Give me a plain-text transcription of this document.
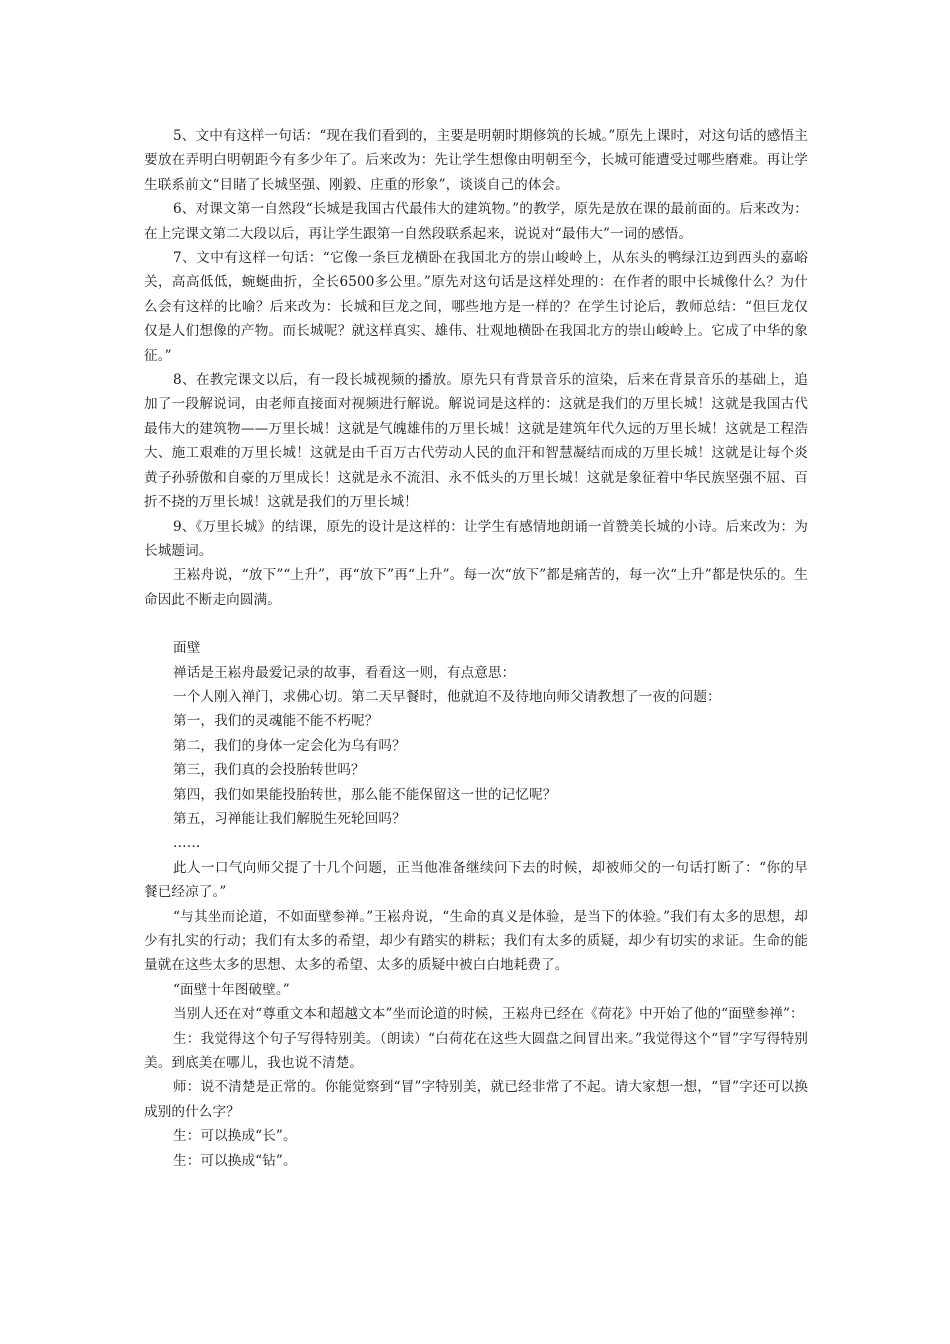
5、文中有这样一句话：“现在我们看到的，主要是明朝时期修筑的长城。”原先上课时，对这句话的感悟主要放在弄明白明朝距今有多少年了。后来改为：先让学生想像由明朝至今，长城可能遭受过哪些磨难。再让学生联系前文“目睹了长城坚强、刚毅、庄重的形象”，谈谈自己的体会。

6、对课文第一自然段“长城是我国古代最伟大的建筑物。”的教学，原先是放在课的最前面的。后来改为：在上完课文第二大段以后，再让学生跟第一自然段联系起来，说说对“最伟大”一词的感悟。

7、文中有这样一句话：“它像一条巨龙横卧在我国北方的崇山峻岭上，从东头的鸭绿江边到西头的嘉峪关，高高低低，蜿蜒曲折，全长6500多公里。”原先对这句话是这样处理的：在作者的眼中长城像什么？为什么会有这样的比喻？后来改为：长城和巨龙之间，哪些地方是一样的？在学生讨论后，教师总结：“但巨龙仅仅是人们想像的产物。而长城呢？就这样真实、雄伟、壮观地横卧在我国北方的崇山峻岭上。它成了中华的象征。”

8、在教完课文以后，有一段长城视频的播放。原先只有背景音乐的渲染，后来在背景音乐的基础上，追加了一段解说词，由老师直接面对视频进行解说。解说词是这样的：这就是我们的万里长城！这就是我国古代最伟大的建筑物——万里长城！这就是气魄雄伟的万里长城！这就是建筑年代久远的万里长城！这就是工程浩大、施工艰难的万里长城！这就是由千百万古代劳动人民的血汗和智慧凝结而成的万里长城！这就是让每个炎黄子孙骄傲和自豪的万里成长！这就是永不流泪、永不低头的万里长城！这就是象征着中华民族坚强不屈、百折不挠的万里长城！这就是我们的万里长城！

9、《万里长城》的结课，原先的设计是这样的：让学生有感情地朗诵一首赞美长城的小诗。后来改为：为长城题词。

王崧舟说，“放下”“上升”，再“放下”再“上升”。每一次“放下”都是痛苦的，每一次“上升”都是快乐的。生命因此不断走向圆满。

面壁

禅话是王崧舟最爱记录的故事，看看这一则，有点意思：

一个人刚入禅门，求佛心切。第二天早餐时，他就迫不及待地向师父请教想了一夜的问题：

第一，我们的灵魂能不能不朽呢？

第二，我们的身体一定会化为乌有吗？

第三，我们真的会投胎转世吗？

第四，我们如果能投胎转世，那么能不能保留这一世的记忆呢？

第五，习禅能让我们解脱生死轮回吗？

……

此人一口气向师父提了十几个问题，正当他准备继续问下去的时候，却被师父的一句话打断了：“你的早餐已经凉了。”

“与其坐而论道，不如面壁参禅。”王崧舟说，“生命的真义是体验，是当下的体验。”我们有太多的思想，却少有扎实的行动；我们有太多的希望，却少有踏实的耕耘；我们有太多的质疑，却少有切实的求证。生命的能量就在这些太多的思想、太多的希望、太多的质疑中被白白地耗费了。

“面壁十年图破壁。”

当别人还在对“尊重文本和超越文本”坐而论道的时候，王崧舟已经在《荷花》中开始了他的“面壁参禅”：

生：我觉得这个句子写得特别美。（朗读）“白荷花在这些大圆盘之间冒出来。”我觉得这个“冒”字写得特别美。到底美在哪儿，我也说不清楚。

师：说不清楚是正常的。你能觉察到“冒”字特别美，就已经非常了不起。请大家想一想，“冒”字还可以换成别的什么字？

生：可以换成“长”。

生：可以换成“钻”。
